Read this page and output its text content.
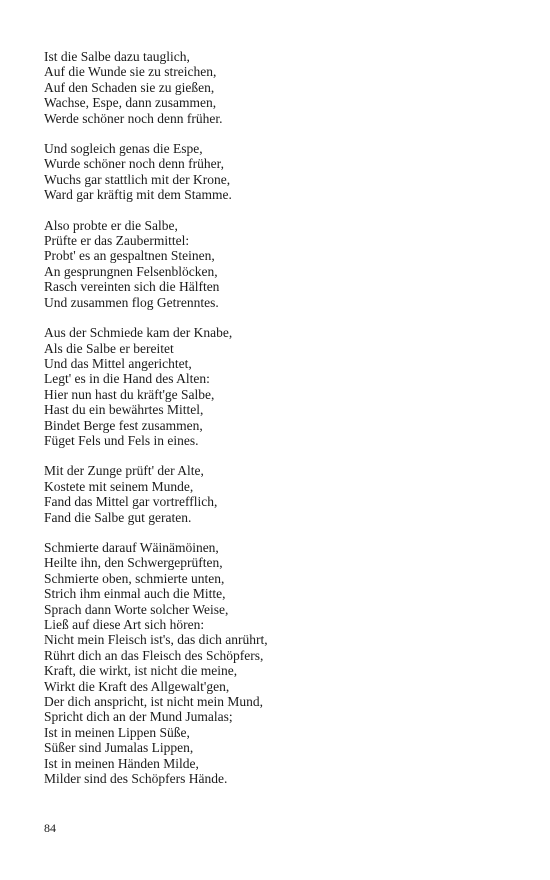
Ist die Salbe dazu tauglich,
Auf die Wunde sie zu streichen,
Auf den Schaden sie zu gießen,
Wachse, Espe, dann zusammen,
Werde schöner noch denn früher.
Und sogleich genas die Espe,
Wurde schöner noch denn früher,
Wuchs gar stattlich mit der Krone,
Ward gar kräftig mit dem Stamme.
Also probte er die Salbe,
Prüfte er das Zaubermittel:
Probt' es an gespaltnen Steinen,
An gesprungnen Felsenblöcken,
Rasch vereinten sich die Hälften
Und zusammen flog Getrenntes.
Aus der Schmiede kam der Knabe,
Als die Salbe er bereitet
Und das Mittel angerichtet,
Legt' es in die Hand des Alten:
Hier nun hast du kräft'ge Salbe,
Hast du ein bewährtes Mittel,
Bindet Berge fest zusammen,
Füget Fels und Fels in eines.
Mit der Zunge prüft' der Alte,
Kostete mit seinem Munde,
Fand das Mittel gar vortrefflich,
Fand die Salbe gut geraten.
Schmierte darauf Wäinämöinen,
Heilte ihn, den Schwergeprüften,
Schmierte oben, schmierte unten,
Strich ihm einmal auch die Mitte,
Sprach dann Worte solcher Weise,
Ließ auf diese Art sich hören:
Nicht mein Fleisch ist's, das dich anrührt,
Rührt dich an das Fleisch des Schöpfers,
Kraft, die wirkt, ist nicht die meine,
Wirkt die Kraft des Allgewalt'gen,
Der dich anspricht, ist nicht mein Mund,
Spricht dich an der Mund Jumalas;
Ist in meinen Lippen Süße,
Süßer sind Jumalas Lippen,
Ist in meinen Händen Milde,
Milder sind des Schöpfers Hände.
84
